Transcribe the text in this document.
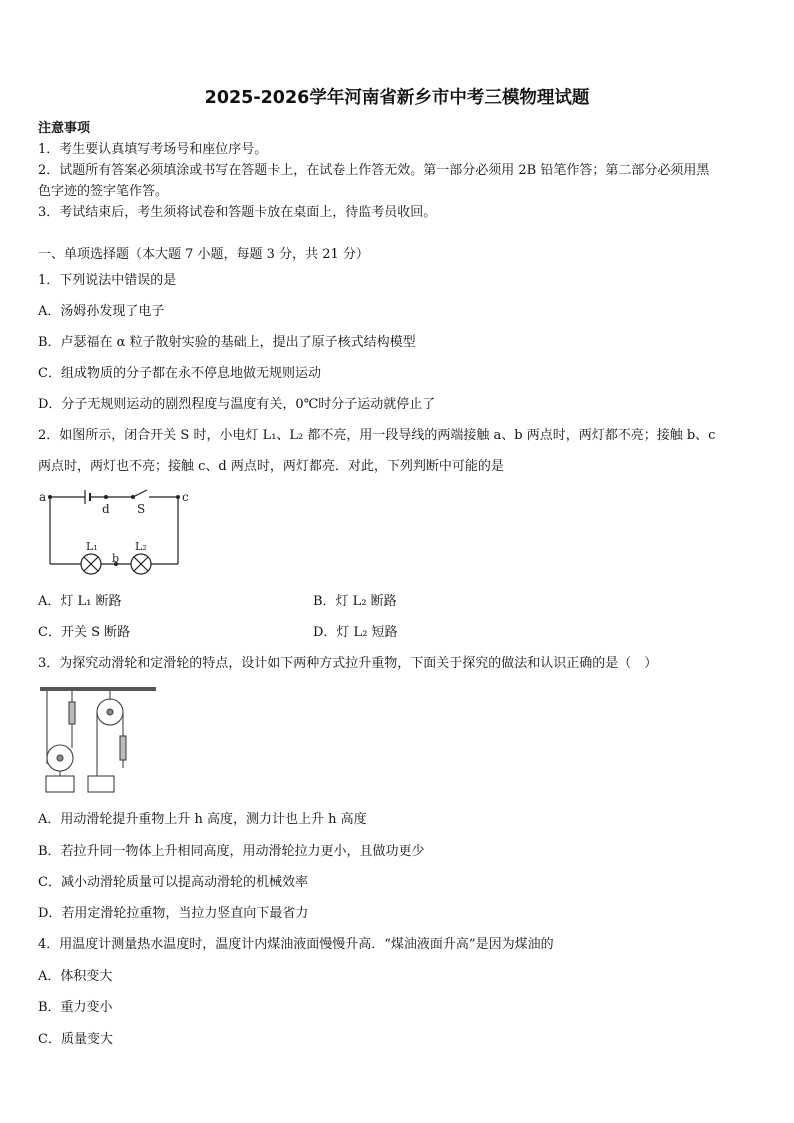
2025-2026学年河南省新乡市中考三模物理试题
注意事项
1．考生要认真填写考场号和座位序号。
2．试题所有答案必须填涂或书写在答题卡上，在试卷上作答无效。第一部分必须用 2B 铅笔作答；第二部分必须用黑
色字迹的签字笔作答。
3．考试结束后，考生须将试卷和答题卡放在桌面上，待监考员收回。
一、单项选择题（本大题 7 小题，每题 3 分，共 21 分）
1．下列说法中错误的是
A．汤姆孙发现了电子
B．卢瑟福在 α 粒子散射实验的基础上，提出了原子核式结构模型
C．组成物质的分子都在永不停息地做无规则运动
D．分子无规则运动的剧烈程度与温度有关，0℃时分子运动就停止了
2．如图所示，闭合开关 S 时，小电灯 L₁、L₂ 都不亮，用一段导线的两端接触 a、b 两点时，两灯都不亮；接触 b、c
两点时，两灯也不亮；接触 c、d 两点时，两灯都亮．对此，下列判断中可能的是
a	c
d S
b
L₁	L₂
A．灯 L₁ 断路	B．灯 L₂ 断路
C．开关 S 断路	D．灯 L₂ 短路
3．为探究动滑轮和定滑轮的特点，设计如下两种方式拉升重物，下面关于探究的做法和认识正确的是（　）
A．用动滑轮提升重物上升 h 高度，测力计也上升 h 高度
B．若拉升同一物体上升相同高度，用动滑轮拉力更小，且做功更少
C．减小动滑轮质量可以提高动滑轮的机械效率
D．若用定滑轮拉重物，当拉力竖直向下最省力
4．用温度计测量热水温度时，温度计内煤油液面慢慢升高．“煤油液面升高”是因为煤油的
A．体积变大
B．重力变小
C．质量变大
